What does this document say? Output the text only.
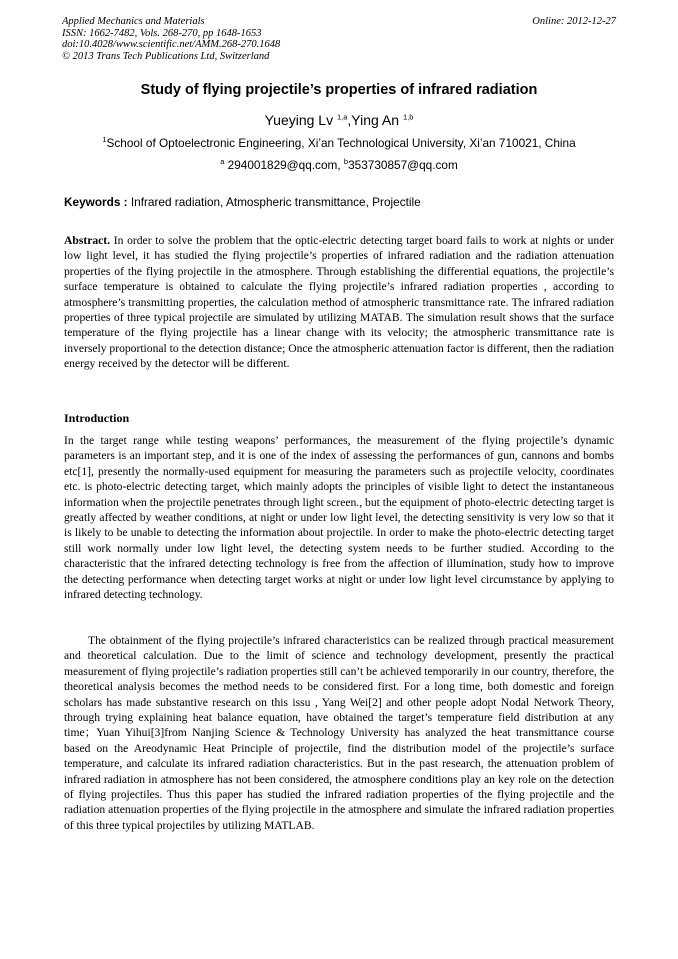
Applied Mechanics and Materials
ISSN: 1662-7482, Vols. 268-270, pp 1648-1653
doi:10.4028/www.scientific.net/AMM.268-270.1648
© 2013 Trans Tech Publications Ltd, Switzerland
Online: 2012-12-27
Study of flying projectile’s properties of infrared radiation
Yueying Lv $^{1,a}$,Ying An $^{1,b}$
$^1$School of Optoelectronic Engineering, Xi’an Technological University, Xi’an 710021, China
$^a$ 294001829@qq.com, $^b$353730857@qq.com
Keywords : Infrared radiation, Atmospheric transmittance, Projectile

Abstract. In order to solve the problem that the optic-electric detecting target board fails to work at nights or under low light level, it has studied the flying projectile’s properties of infrared radiation and the radiation attenuation properties of the flying projectile in the atmosphere. Through establishing the differential equations, the projectile’s surface temperature is obtained to calculate the flying projectile’s infrared radiation properties , according to atmosphere’s transmitting properties, the calculation method of atmospheric transmittance rate. The infrared radiation properties of three typical projectile are simulated by utilizing MATAB. The simulation result shows that the surface temperature of the flying projectile has a linear change with its velocity; the atmospheric transmittance rate is inversely proportional to the detection distance; Once the atmospheric attenuation factor is different, then the radiation energy received by the detector will be different.

Introduction
In the target range while testing weapons’ performances, the measurement of the flying projectile’s dynamic parameters is an important step, and it is one of the index of assessing the performances of gun, cannons and bombs etc[1], presently the normally-used equipment for measuring the parameters such as projectile velocity, coordinates etc. is photo-electric detecting target, which mainly adopts the principles of visible light to detect the instantaneous information when the projectile penetrates through light screen., but the equipment of photo-electric detecting target is greatly affected by weather conditions, at night or under low light level, the detecting sensitivity is very low so that it is likely to be unable to detecting the information about projectile. In order to make the photo-electric detecting target still work normally under low light level, the detecting system needs to be further studied. According to the characteristic that the infrared detecting technology is free from the affection of illumination, study how to improve the detecting performance when detecting target works at night or under low light level circumstance by applying to infrared detecting technology.
The obtainment of the flying projectile’s infrared characteristics can be realized through practical measurement and theoretical calculation. Due to the limit of science and technology development, presently the practical measurement of flying projectile’s radiation properties still can’t be achieved temporarily in our country, therefore, the theoretical analysis becomes the method needs to be considered first. For a long time, both domestic and foreign scholars has made substantive research on this issu , Yang Wei[2] and other people adopt Nodal Network Theory, through trying explaining heat balance equation, have obtained the target’s temperature field distribution at any time；Yuan Yihui[3]from Nanjing Science & Technology University has analyzed the heat transmittance course based on the Areodynamic Heat Principle of projectile, find the distribution model of the projectile’s surface temperature, and calculate its infrared radiation characteristics. But in the past research, the attenuation problem of infrared radiation in atmosphere has not been considered, the atmosphere conditions play an key role on the detection of flying projectiles. Thus this paper has studied the infrared radiation properties of the flying projectile and the radiation attenuation properties of the flying projectile in the atmosphere and simulate the infrared radiation properties of this three typical projectiles by utilizing MATLAB.
